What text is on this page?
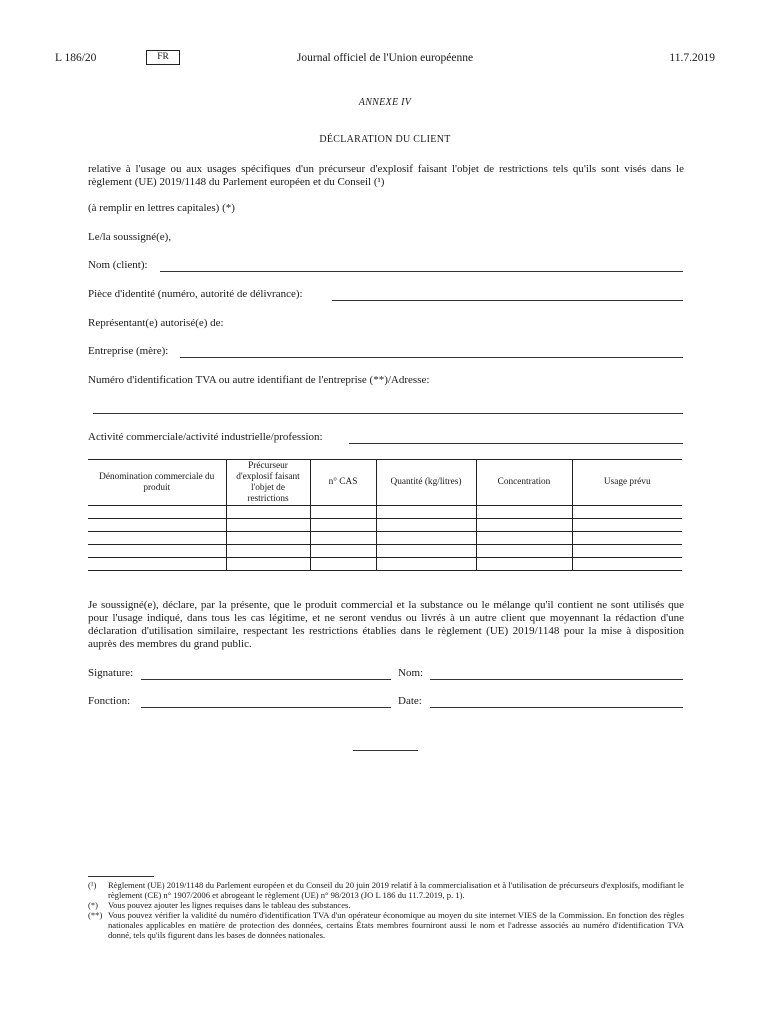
L 186/20	FR	Journal officiel de l'Union européenne	11.7.2019
ANNEXE IV
DÉCLARATION DU CLIENT
relative à l'usage ou aux usages spécifiques d'un précurseur d'explosif faisant l'objet de restrictions tels qu'ils sont visés dans le règlement (UE) 2019/1148 du Parlement européen et du Conseil (¹)
(à remplir en lettres capitales) (*)
Le/la soussigné(e),
Nom (client):
Pièce d'identité (numéro, autorité de délivrance):
Représentant(e) autorisé(e) de:
Entreprise (mère):
Numéro d'identification TVA ou autre identifiant de l'entreprise (**)/Adresse:
Activité commerciale/activité industrielle/profession:
Dénomination commerciale du produit	Précurseur d'explosif faisant l'objet de restrictions	n° CAS	Quantité (kg/litres)	Concentration	Usage prévu

Je soussigné(e), déclare, par la présente, que le produit commercial et la substance ou le mélange qu'il contient ne sont utilisés que pour l'usage indiqué, dans tous les cas légitime, et ne seront vendus ou livrés à un autre client que moyennant la rédaction d'une déclaration d'utilisation similaire, respectant les restrictions établies dans le règlement (UE) 2019/1148 pour la mise à disposition auprès des membres du grand public.
Signature:	Nom:
Fonction:	Date:
(¹) Règlement (UE) 2019/1148 du Parlement européen et du Conseil du 20 juin 2019 relatif à la commercialisation et à l'utilisation de précurseurs d'explosifs, modifiant le règlement (CE) n° 1907/2006 et abrogeant le règlement (UE) n° 98/2013 (JO L 186 du 11.7.2019, p. 1).
(*) Vous pouvez ajouter les lignes requises dans le tableau des substances.
(**) Vous pouvez vérifier la validité du numéro d'identification TVA d'un opérateur économique au moyen du site internet VIES de la Commission. En fonction des règles nationales applicables en matière de protection des données, certains États membres fourniront aussi le nom et l'adresse associés au numéro d'identification TVA donné, tels qu'ils figurent dans les bases de données nationales.
